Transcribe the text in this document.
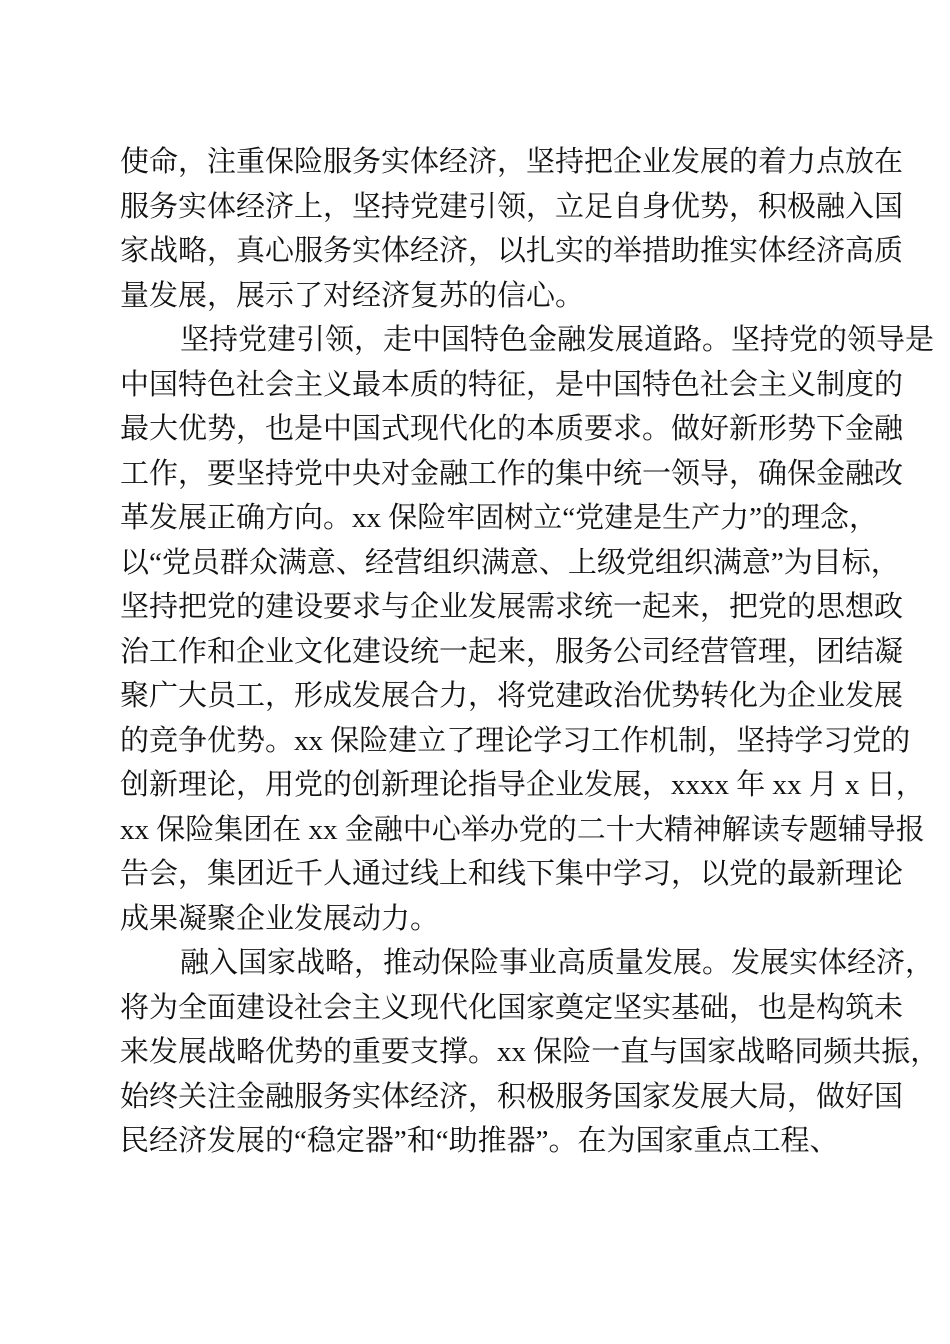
使命，注重保险服务实体经济，坚持把企业发展的着力点放在
服务实体经济上，坚持党建引领，立足自身优势，积极融入国
家战略，真心服务实体经济，以扎实的举措助推实体经济高质
量发展，展示了对经济复苏的信心。
坚持党建引领，走中国特色金融发展道路。坚持党的领导是
中国特色社会主义最本质的特征，是中国特色社会主义制度的
最大优势，也是中国式现代化的本质要求。做好新形势下金融
工作，要坚持党中央对金融工作的集中统一领导，确保金融改
革发展正确方向。xx 保险牢固树立“党建是生产力”的理念，
以“党员群众满意、经营组织满意、上级党组织满意”为目标，
坚持把党的建设要求与企业发展需求统一起来，把党的思想政
治工作和企业文化建设统一起来，服务公司经营管理，团结凝
聚广大员工，形成发展合力，将党建政治优势转化为企业发展
的竞争优势。xx 保险建立了理论学习工作机制，坚持学习党的
创新理论，用党的创新理论指导企业发展，xxxx 年 xx 月 x 日，
xx 保险集团在 xx 金融中心举办党的二十大精神解读专题辅导报
告会，集团近千人通过线上和线下集中学习，以党的最新理论
成果凝聚企业发展动力。
融入国家战略，推动保险事业高质量发展。发展实体经济，
将为全面建设社会主义现代化国家奠定坚实基础，也是构筑未
来发展战略优势的重要支撑。xx 保险一直与国家战略同频共振，
始终关注金融服务实体经济，积极服务国家发展大局，做好国
民经济发展的“稳定器”和“助推器”。在为国家重点工程、
